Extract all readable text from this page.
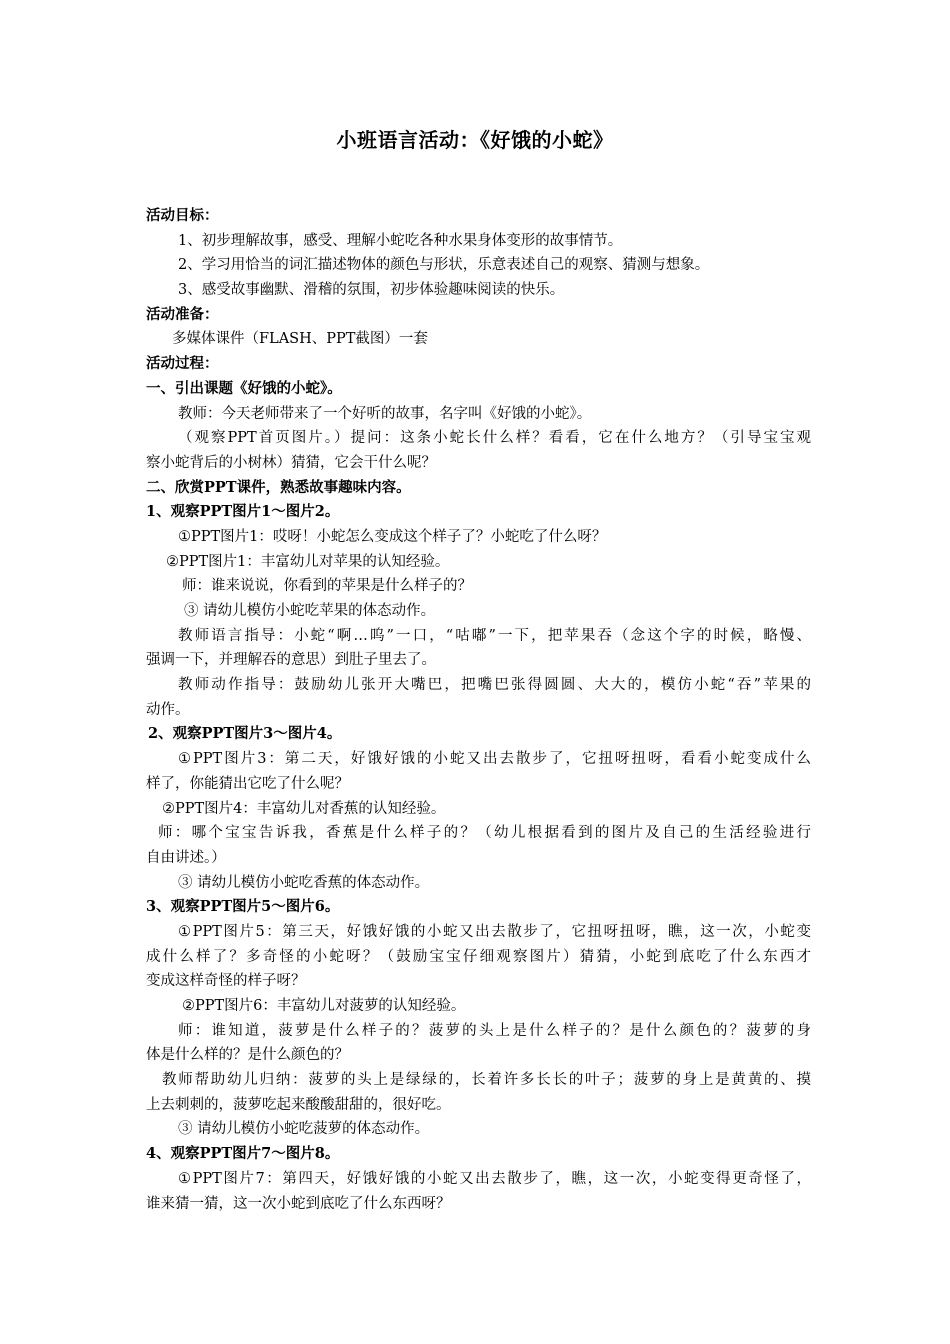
小班语言活动：《好饿的小蛇》
活动目标：
1、初步理解故事，感受、理解小蛇吃各种水果身体变形的故事情节。
2、学习用恰当的词汇描述物体的颜色与形状，乐意表述自己的观察、猜测与想象。
3、感受故事幽默、滑稽的氛围，初步体验趣味阅读的快乐。
活动准备：
多媒体课件（FLASH、PPT截图）一套
活动过程：
一、引出课题《好饿的小蛇》。
教师：今天老师带来了一个好听的故事，名字叫《好饿的小蛇》。
（观察PPT首页图片。）提问：这条小蛇长什么样？看看，它在什么地方？（引导宝宝观
察小蛇背后的小树林）猜猜，它会干什么呢？
二、欣赏PPT课件，熟悉故事趣味内容。
1、观察PPT图片1～图片2。
①PPT图片1：哎呀！小蛇怎么变成这个样子了？小蛇吃了什么呀？
②PPT图片1：丰富幼儿对苹果的认知经验。
师：谁来说说，你看到的苹果是什么样子的？
③ 请幼儿模仿小蛇吃苹果的体态动作。
教师语言指导：小蛇“啊…呜”一口，“咕嘟”一下，把苹果吞（念这个字的时候，略慢、
强调一下，并理解吞的意思）到肚子里去了。
教师动作指导：鼓励幼儿张开大嘴巴，把嘴巴张得圆圆、大大的，模仿小蛇“吞”苹果的
动作。
2、观察PPT图片3～图片4。
①PPT图片3：第二天，好饿好饿的小蛇又出去散步了，它扭呀扭呀，看看小蛇变成什么
样了，你能猜出它吃了什么呢？
②PPT图片4：丰富幼儿对香蕉的认知经验。
师：哪个宝宝告诉我，香蕉是什么样子的？（幼儿根据看到的图片及自己的生活经验进行
自由讲述。）
③ 请幼儿模仿小蛇吃香蕉的体态动作。
3、观察PPT图片5～图片6。
①PPT图片5：第三天，好饿好饿的小蛇又出去散步了，它扭呀扭呀，瞧，这一次，小蛇变
成什么样了？多奇怪的小蛇呀？（鼓励宝宝仔细观察图片）猜猜，小蛇到底吃了什么东西才
变成这样奇怪的样子呀？
②PPT图片6：丰富幼儿对菠萝的认知经验。
师：谁知道，菠萝是什么样子的？菠萝的头上是什么样子的？是什么颜色的？菠萝的身
体是什么样的？是什么颜色的？
教师帮助幼儿归纳：菠萝的头上是绿绿的，长着许多长长的叶子；菠萝的身上是黄黄的、摸
上去刺刺的，菠萝吃起来酸酸甜甜的，很好吃。
③ 请幼儿模仿小蛇吃菠萝的体态动作。
4、观察PPT图片7～图片8。
①PPT图片7：第四天，好饿好饿的小蛇又出去散步了，瞧，这一次，小蛇变得更奇怪了，
谁来猜一猜，这一次小蛇到底吃了什么东西呀？
